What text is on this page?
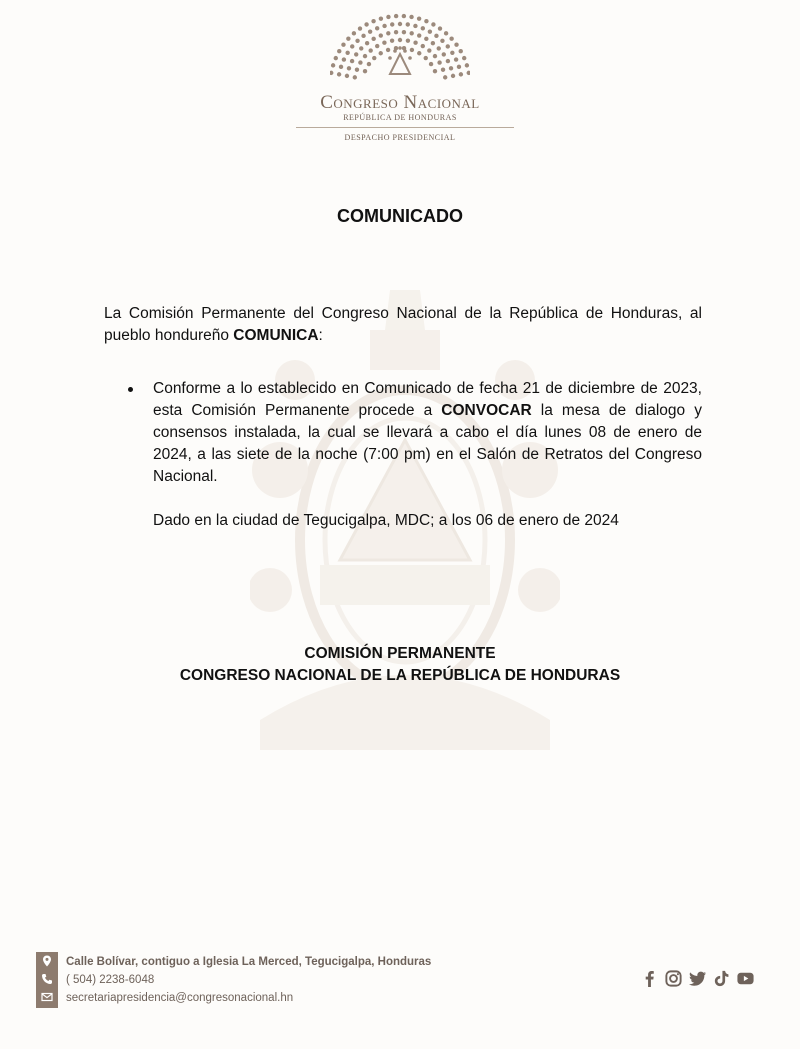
Congreso Nacional
REPÚBLICA DE HONDURAS
DESPACHO PRESIDENCIAL
COMUNICADO
La Comisión Permanente del Congreso Nacional de la República de Honduras, al pueblo hondureño COMUNICA:
Conforme a lo establecido en Comunicado de fecha 21 de diciembre de 2023, esta Comisión Permanente procede a CONVOCAR la mesa de dialogo y consensos instalada, la cual se llevará a cabo el día lunes 08 de enero de 2024, a las siete de la noche (7:00 pm) en el Salón de Retratos del Congreso Nacional.
Dado en la ciudad de Tegucigalpa, MDC; a los 06 de enero de 2024
COMISIÓN PERMANENTE
CONGRESO NACIONAL DE LA REPÚBLICA DE HONDURAS
Calle Bolívar, contiguo a Iglesia La Merced, Tegucigalpa, Honduras
( 504) 2238-6048
secretariapresidencia@congresonacional.hn
